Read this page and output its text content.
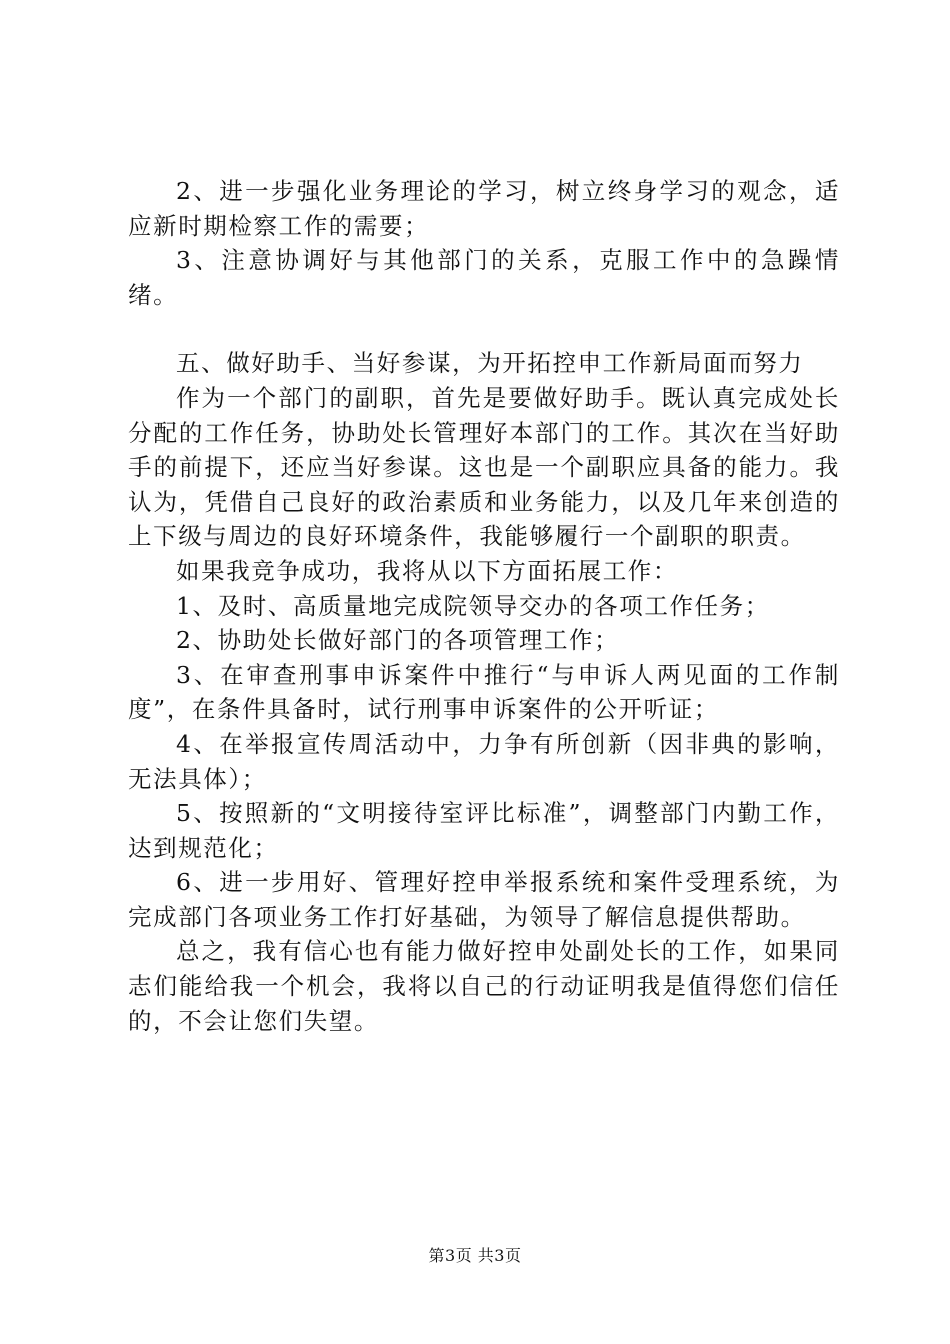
2、进一步强化业务理论的学习，树立终身学习的观念，适应新时期检察工作的需要；

3、注意协调好与其他部门的关系，克服工作中的急躁情绪。

五、做好助手、当好参谋，为开拓控申工作新局面而努力

作为一个部门的副职，首先是要做好助手。既认真完成处长分配的工作任务，协助处长管理好本部门的工作。其次在当好助手的前提下，还应当好参谋。这也是一个副职应具备的能力。我认为，凭借自己良好的政治素质和业务能力，以及几年来创造的上下级与周边的良好环境条件，我能够履行一个副职的职责。

如果我竞争成功，我将从以下方面拓展工作：

1、及时、高质量地完成院领导交办的各项工作任务；

2、协助处长做好部门的各项管理工作；

3、在审查刑事申诉案件中推行“与申诉人两见面的工作制度”，在条件具备时，试行刑事申诉案件的公开听证；

4、在举报宣传周活动中，力争有所创新（因非典的影响，无法具体）；

5、按照新的“文明接待室评比标准”，调整部门内勤工作，达到规范化；

6、进一步用好、管理好控申举报系统和案件受理系统，为完成部门各项业务工作打好基础，为领导了解信息提供帮助。

总之，我有信心也有能力做好控申处副处长的工作，如果同志们能给我一个机会，我将以自己的行动证明我是值得您们信任的，不会让您们失望。

第3页 共3页
